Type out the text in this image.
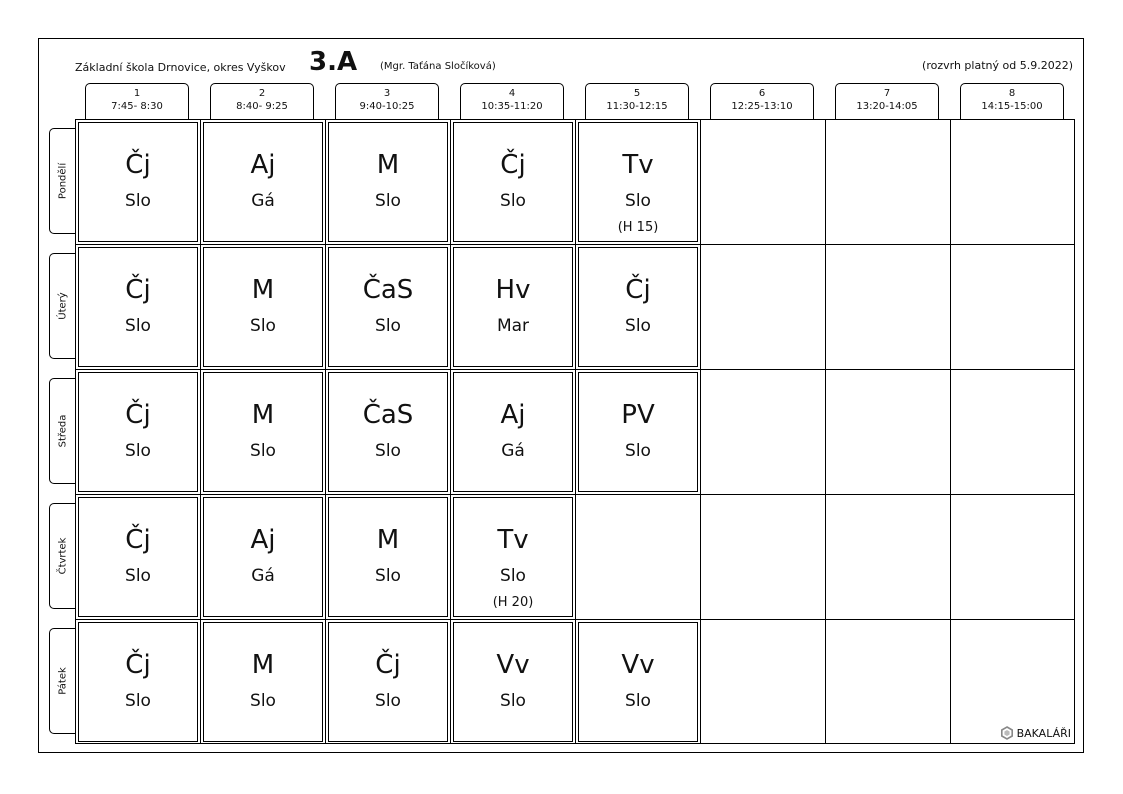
Základní škola Drnovice, okres Vyškov 3.A (Mgr. Taťána Sločíková)	(rozvrh platný od 5.9.2022)
1
7:45- 8:30
2
8:40- 9:25
3
9:40-10:25
4
10:35-11:20
5
11:30-12:15
6
12:25-13:10
7
13:20-14:05
8
14:15-15:00
Pondělí
Úterý
Středa
Čtvrtek
Pátek
Čj
Slo
Aj
Gá
M
Slo
Čj
Slo
Tv
Slo
(H 15)
Čj
Slo
M
Slo
ČaS
Slo
Hv
Mar
Čj
Slo
Čj
Slo
M
Slo
ČaS
Slo
Aj
Gá
PV
Slo
Čj
Slo
Aj
Gá
M
Slo
Tv
Slo
(H 20)
Čj
Slo
M
Slo
Čj
Slo
Vv
Slo
Vv
Slo
BAKALÁŘI
